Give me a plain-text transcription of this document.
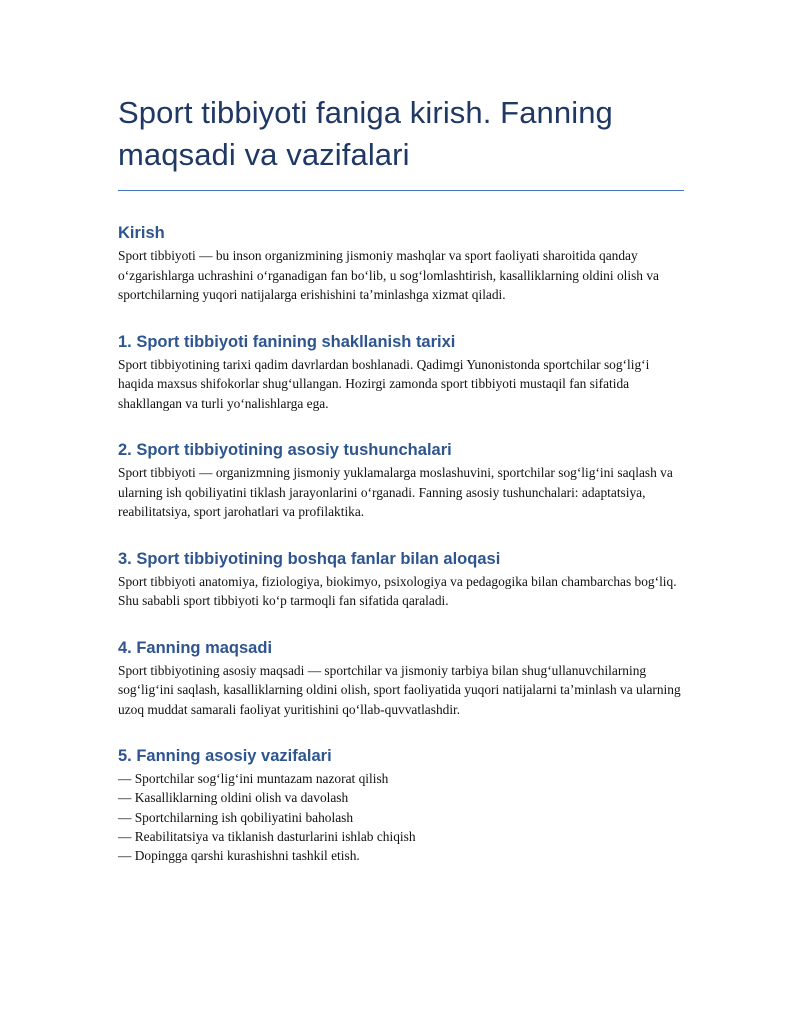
Sport tibbiyoti faniga kirish. Fanning maqsadi va vazifalari
Kirish

Sport tibbiyoti — bu inson organizmining jismoniy mashqlar va sport faoliyati sharoitida qanday oʻzgarishlarga uchrashini oʻrganadigan fan boʻlib, u sogʻlomlashtirish, kasalliklarning oldini olish va sportchilarning yuqori natijalarga erishishini taʼminlashga xizmat qiladi.

1. Sport tibbiyoti fanining shakllanish tarixi

Sport tibbiyotining tarixi qadim davrlardan boshlanadi. Qadimgi Yunonistonda sportchilar sogʻligʻi haqida maxsus shifokorlar shugʻullangan. Hozirgi zamonda sport tibbiyoti mustaqil fan sifatida shakllangan va turli yoʻnalishlarga ega.

2. Sport tibbiyotining asosiy tushunchalari

Sport tibbiyoti — organizmning jismoniy yuklamalarga moslashuvini, sportchilar sogʻligʻini saqlash va ularning ish qobiliyatini tiklash jarayonlarini oʻrganadi. Fanning asosiy tushunchalari: adaptatsiya, reabilitatsiya, sport jarohatlari va profilaktika.

3. Sport tibbiyotining boshqa fanlar bilan aloqasi

Sport tibbiyoti anatomiya, fiziologiya, biokimyo, psixologiya va pedagogika bilan chambarchas bogʻliq. Shu sababli sport tibbiyoti koʻp tarmoqli fan sifatida qaraladi.

4. Fanning maqsadi

Sport tibbiyotining asosiy maqsadi — sportchilar va jismoniy tarbiya bilan shugʻullanuvchilarning sogʻligʻini saqlash, kasalliklarning oldini olish, sport faoliyatida yuqori natijalarni taʼminlash va ularning uzoq muddat samarali faoliyat yuritishini qoʻllab-quvvatlashdir.

5. Fanning asosiy vazifalari
— Sportchilar sogʻligʻini muntazam nazorat qilish
— Kasalliklarning oldini olish va davolash
— Sportchilarning ish qobiliyatini baholash
— Reabilitatsiya va tiklanish dasturlarini ishlab chiqish
— Dopingga qarshi kurashishni tashkil etish.
